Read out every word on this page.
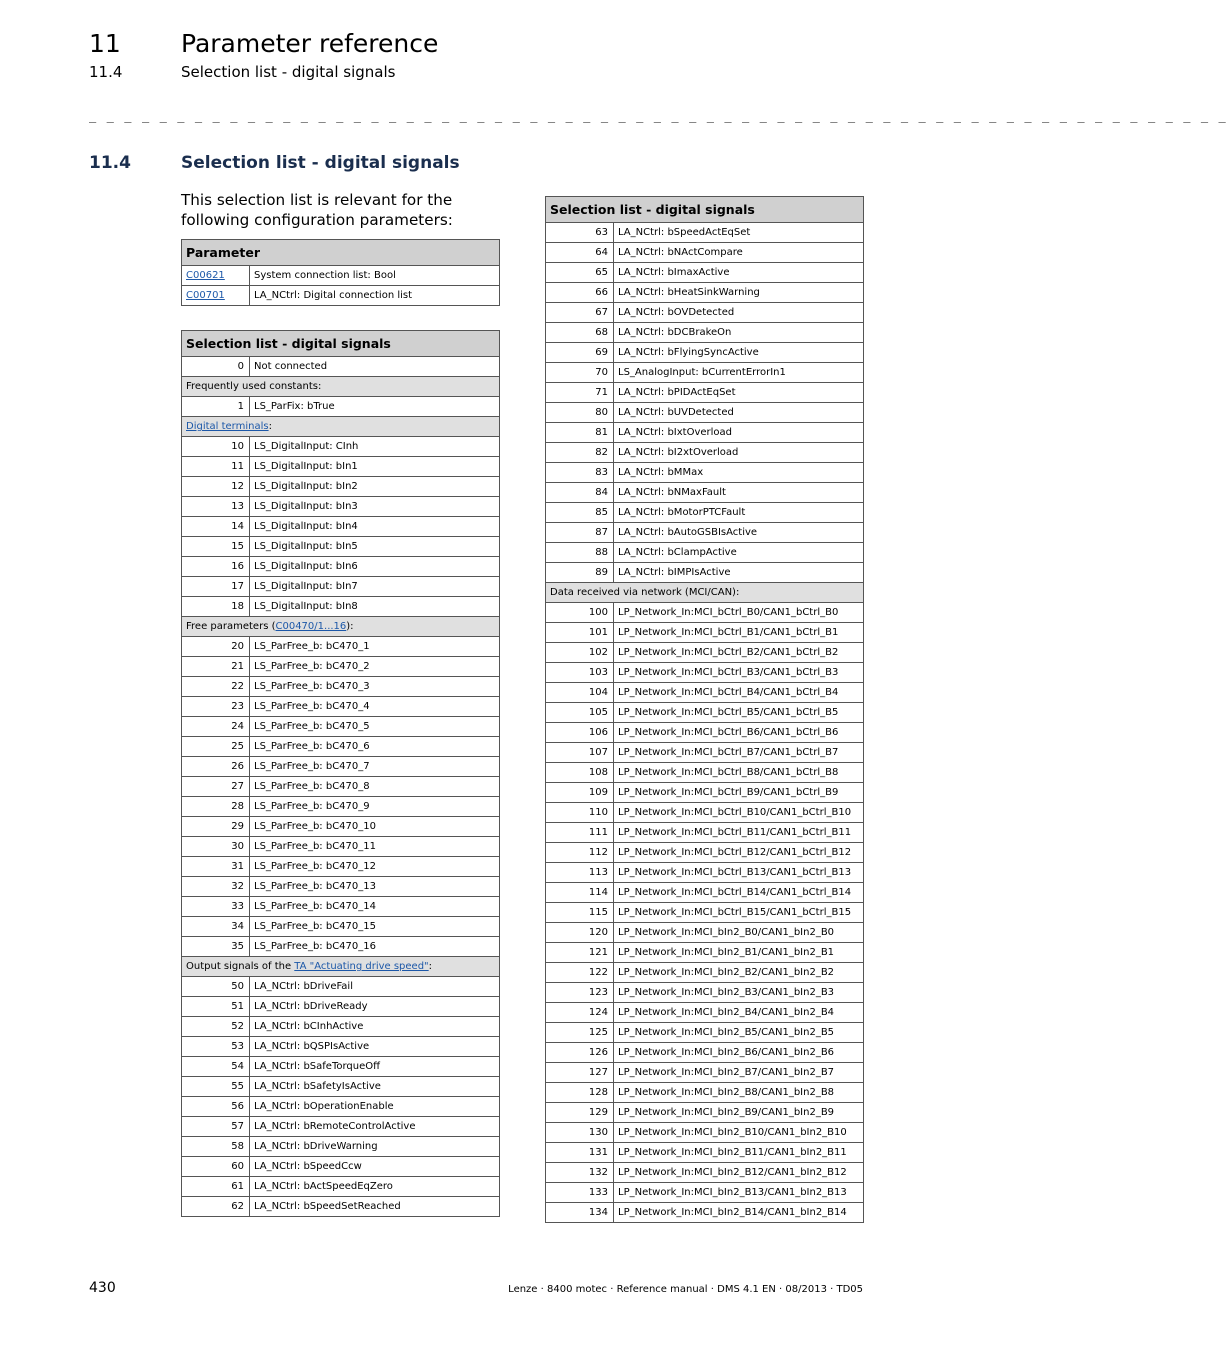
11 Parameter reference
11.4	Selection list - digital signals
_ _ _ _ _ _ _ _ _ _ _ _ _ _ _ _ _ _ _ _ _ _ _ _ _ _ _ _ _ _ _ _ _ _ _ _ _ _ _ _ _ _ _ _ _ _ _ _ _ _ _ _ _ _ _ _ _ _ _ _ _ _ _ _ _
11.4	Selection list - digital signals
This selection list is relevant for the following configuration parameters:
Parameter	
C00621	System connection list: Bool
C00701	LA_NCtrl: Digital connection list
Selection list - digital signals	
0	Not connected
Frequently used constants:	
1	LS_ParFix: bTrue
Digital terminals:	
10	LS_DigitalInput: CInh
11	LS_DigitalInput: bIn1
12	LS_DigitalInput: bIn2
13	LS_DigitalInput: bIn3
14	LS_DigitalInput: bIn4
15	LS_DigitalInput: bIn5
16	LS_DigitalInput: bIn6
17	LS_DigitalInput: bIn7
18	LS_DigitalInput: bIn8
Free parameters (C00470/1...16):	
20	LS_ParFree_b: bC470_1
21	LS_ParFree_b: bC470_2
22	LS_ParFree_b: bC470_3
23	LS_ParFree_b: bC470_4
24	LS_ParFree_b: bC470_5
25	LS_ParFree_b: bC470_6
26	LS_ParFree_b: bC470_7
27	LS_ParFree_b: bC470_8
28	LS_ParFree_b: bC470_9
29	LS_ParFree_b: bC470_10
30	LS_ParFree_b: bC470_11
31	LS_ParFree_b: bC470_12
32	LS_ParFree_b: bC470_13
33	LS_ParFree_b: bC470_14
34	LS_ParFree_b: bC470_15
35	LS_ParFree_b: bC470_16
Output signals of the TA "Actuating drive speed":	
50	LA_NCtrl: bDriveFail
51	LA_NCtrl: bDriveReady
52	LA_NCtrl: bCInhActive
53	LA_NCtrl: bQSPIsActive
54	LA_NCtrl: bSafeTorqueOff
55	LA_NCtrl: bSafetyIsActive
56	LA_NCtrl: bOperationEnable
57	LA_NCtrl: bRemoteControlActive
58	LA_NCtrl: bDriveWarning
60	LA_NCtrl: bSpeedCcw
61	LA_NCtrl: bActSpeedEqZero
62	LA_NCtrl: bSpeedSetReached
Selection list - digital signals	
63	LA_NCtrl: bSpeedActEqSet
64	LA_NCtrl: bNActCompare
65	LA_NCtrl: bImaxActive
66	LA_NCtrl: bHeatSinkWarning
67	LA_NCtrl: bOVDetected
68	LA_NCtrl: bDCBrakeOn
69	LA_NCtrl: bFlyingSyncActive
70	LS_AnalogInput: bCurrentErrorIn1
71	LA_NCtrl: bPIDActEqSet
80	LA_NCtrl: bUVDetected
81	LA_NCtrl: bIxtOverload
82	LA_NCtrl: bI2xtOverload
83	LA_NCtrl: bMMax
84	LA_NCtrl: bNMaxFault
85	LA_NCtrl: bMotorPTCFault
87	LA_NCtrl: bAutoGSBIsActive
88	LA_NCtrl: bClampActive
89	LA_NCtrl: bIMPIsActive
Data received via network (MCI/CAN):	
100	LP_Network_In:MCI_bCtrl_B0/CAN1_bCtrl_B0
101	LP_Network_In:MCI_bCtrl_B1/CAN1_bCtrl_B1
102	LP_Network_In:MCI_bCtrl_B2/CAN1_bCtrl_B2
103	LP_Network_In:MCI_bCtrl_B3/CAN1_bCtrl_B3
104	LP_Network_In:MCI_bCtrl_B4/CAN1_bCtrl_B4
105	LP_Network_In:MCI_bCtrl_B5/CAN1_bCtrl_B5
106	LP_Network_In:MCI_bCtrl_B6/CAN1_bCtrl_B6
107	LP_Network_In:MCI_bCtrl_B7/CAN1_bCtrl_B7
108	LP_Network_In:MCI_bCtrl_B8/CAN1_bCtrl_B8
109	LP_Network_In:MCI_bCtrl_B9/CAN1_bCtrl_B9
110	LP_Network_In:MCI_bCtrl_B10/CAN1_bCtrl_B10
111	LP_Network_In:MCI_bCtrl_B11/CAN1_bCtrl_B11
112	LP_Network_In:MCI_bCtrl_B12/CAN1_bCtrl_B12
113	LP_Network_In:MCI_bCtrl_B13/CAN1_bCtrl_B13
114	LP_Network_In:MCI_bCtrl_B14/CAN1_bCtrl_B14
115	LP_Network_In:MCI_bCtrl_B15/CAN1_bCtrl_B15
120	LP_Network_In:MCI_bIn2_B0/CAN1_bIn2_B0
121	LP_Network_In:MCI_bIn2_B1/CAN1_bIn2_B1
122	LP_Network_In:MCI_bIn2_B2/CAN1_bIn2_B2
123	LP_Network_In:MCI_bIn2_B3/CAN1_bIn2_B3
124	LP_Network_In:MCI_bIn2_B4/CAN1_bIn2_B4
125	LP_Network_In:MCI_bIn2_B5/CAN1_bIn2_B5
126	LP_Network_In:MCI_bIn2_B6/CAN1_bIn2_B6
127	LP_Network_In:MCI_bIn2_B7/CAN1_bIn2_B7
128	LP_Network_In:MCI_bIn2_B8/CAN1_bIn2_B8
129	LP_Network_In:MCI_bIn2_B9/CAN1_bIn2_B9
130	LP_Network_In:MCI_bIn2_B10/CAN1_bIn2_B10
131	LP_Network_In:MCI_bIn2_B11/CAN1_bIn2_B11
132	LP_Network_In:MCI_bIn2_B12/CAN1_bIn2_B12
133	LP_Network_In:MCI_bIn2_B13/CAN1_bIn2_B13
134	LP_Network_In:MCI_bIn2_B14/CAN1_bIn2_B14
430	Lenze · 8400 motec · Reference manual · DMS 4.1 EN · 08/2013 · TD05
